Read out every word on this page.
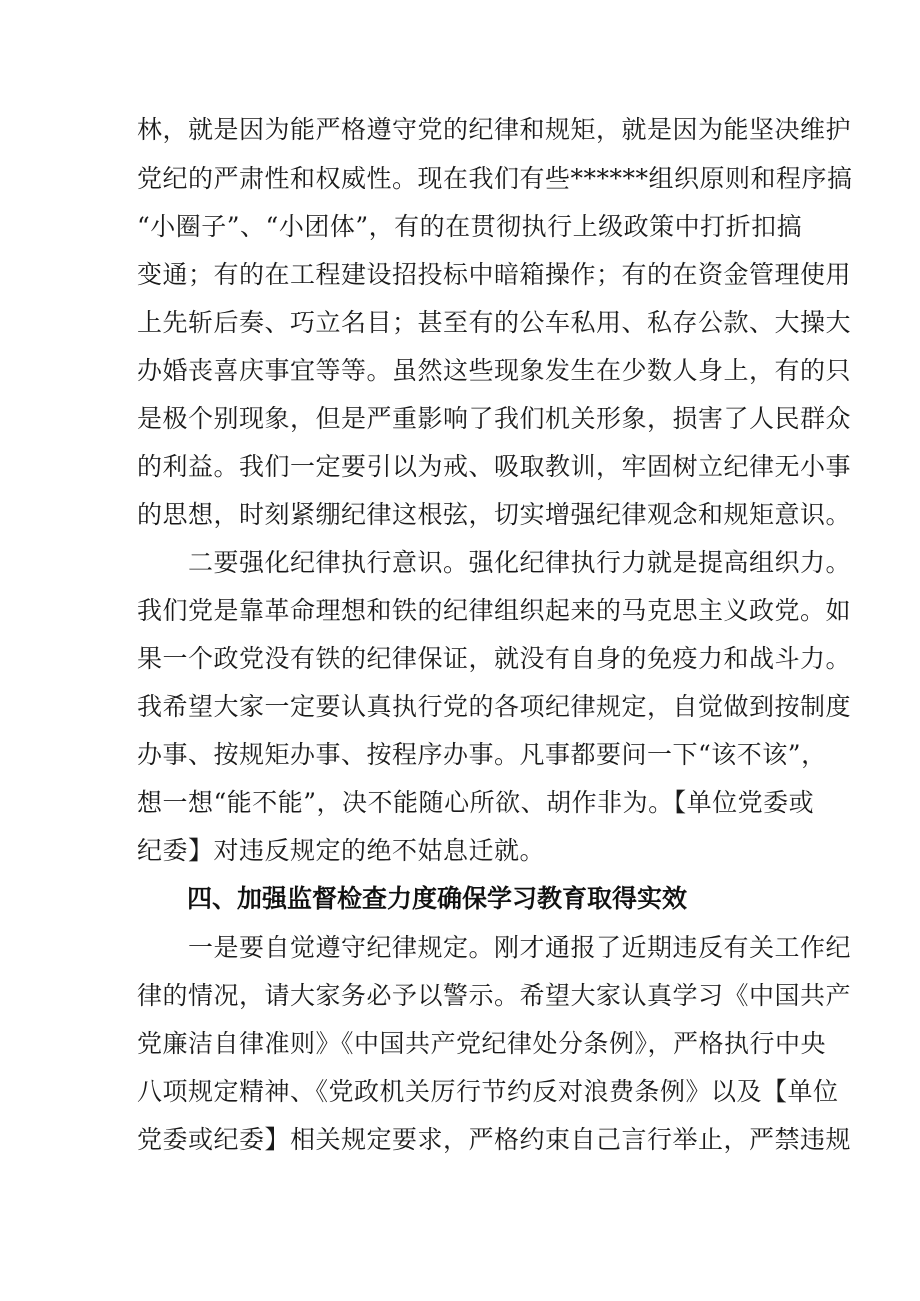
林，就是因为能严格遵守党的纪律和规矩，就是因为能坚决维护
党纪的严肃性和权威性。现在我们有些******组织原则和程序搞
“小圈子”、“小团体”，有的在贯彻执行上级政策中打折扣搞
变通；有的在工程建设招投标中暗箱操作；有的在资金管理使用
上先斩后奏、巧立名目；甚至有的公车私用、私存公款、大操大
办婚丧喜庆事宜等等。虽然这些现象发生在少数人身上，有的只
是极个别现象，但是严重影响了我们机关形象，损害了人民群众
的利益。我们一定要引以为戒、吸取教训，牢固树立纪律无小事
的思想，时刻紧绷纪律这根弦，切实增强纪律观念和规矩意识。
　　二要强化纪律执行意识。强化纪律执行力就是提高组织力。
我们党是靠革命理想和铁的纪律组织起来的马克思主义政党。如
果一个政党没有铁的纪律保证，就没有自身的免疫力和战斗力。
我希望大家一定要认真执行党的各项纪律规定，自觉做到按制度
办事、按规矩办事、按程序办事。凡事都要问一下“该不该”，
想一想“能不能”，决不能随心所欲、胡作非为。【单位党委或
纪委】对违反规定的绝不姑息迁就。
四、加强监督检查力度确保学习教育取得实效
　　一是要自觉遵守纪律规定。刚才通报了近期违反有关工作纪
律的情况，请大家务必予以警示。希望大家认真学习《中国共产
党廉洁自律准则》《中国共产党纪律处分条例》，严格执行中央
八项规定精神、《党政机关厉行节约反对浪费条例》以及【单位
党委或纪委】相关规定要求，严格约束自己言行举止，严禁违规
